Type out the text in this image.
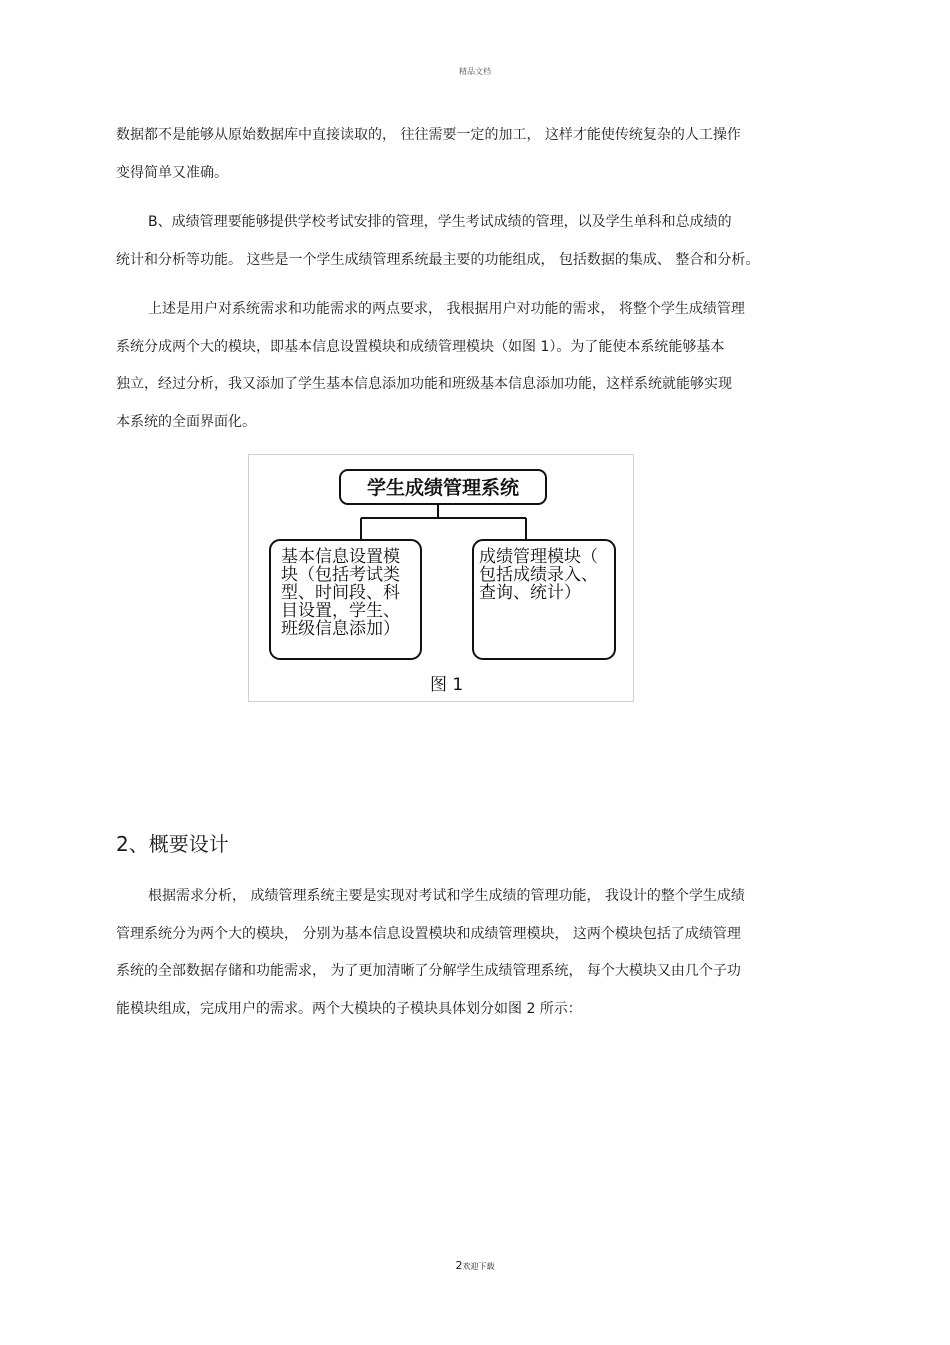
精品文档
数据都不是能够从原始数据库中直接读取的， 往往需要一定的加工， 这样才能使传统复杂的人工操作
变得简单又准确。
B、成绩管理要能够提供学校考试安排的管理，学生考试成绩的管理，以及学生单科和总成绩的
统计和分析等功能。 这些是一个学生成绩管理系统最主要的功能组成， 包括数据的集成、 整合和分析。
上述是用户对系统需求和功能需求的两点要求， 我根据用户对功能的需求， 将整个学生成绩管理
系统分成两个大的模块，即基本信息设置模块和成绩管理模块（如图 1）。为了能使本系统能够基本
独立，经过分析，我又添加了学生基本信息添加功能和班级基本信息添加功能，这样系统就能够实现
本系统的全面界面化。
学生成绩管理系统
基本信息设置模
块（包括考试类
型、时间段、科
目设置，学生、
班级信息添加）
成绩管理模块（
包括成绩录入、
查询、统计）
图 1
2、概要设计
根据需求分析， 成绩管理系统主要是实现对考试和学生成绩的管理功能， 我设计的整个学生成绩
管理系统分为两个大的模块， 分别为基本信息设置模块和成绩管理模块， 这两个模块包括了成绩管理
系统的全部数据存储和功能需求， 为了更加清晰了分解学生成绩管理系统， 每个大模块又由几个子功
能模块组成，完成用户的需求。两个大模块的子模块具体划分如图 2 所示：
2欢迎下载
